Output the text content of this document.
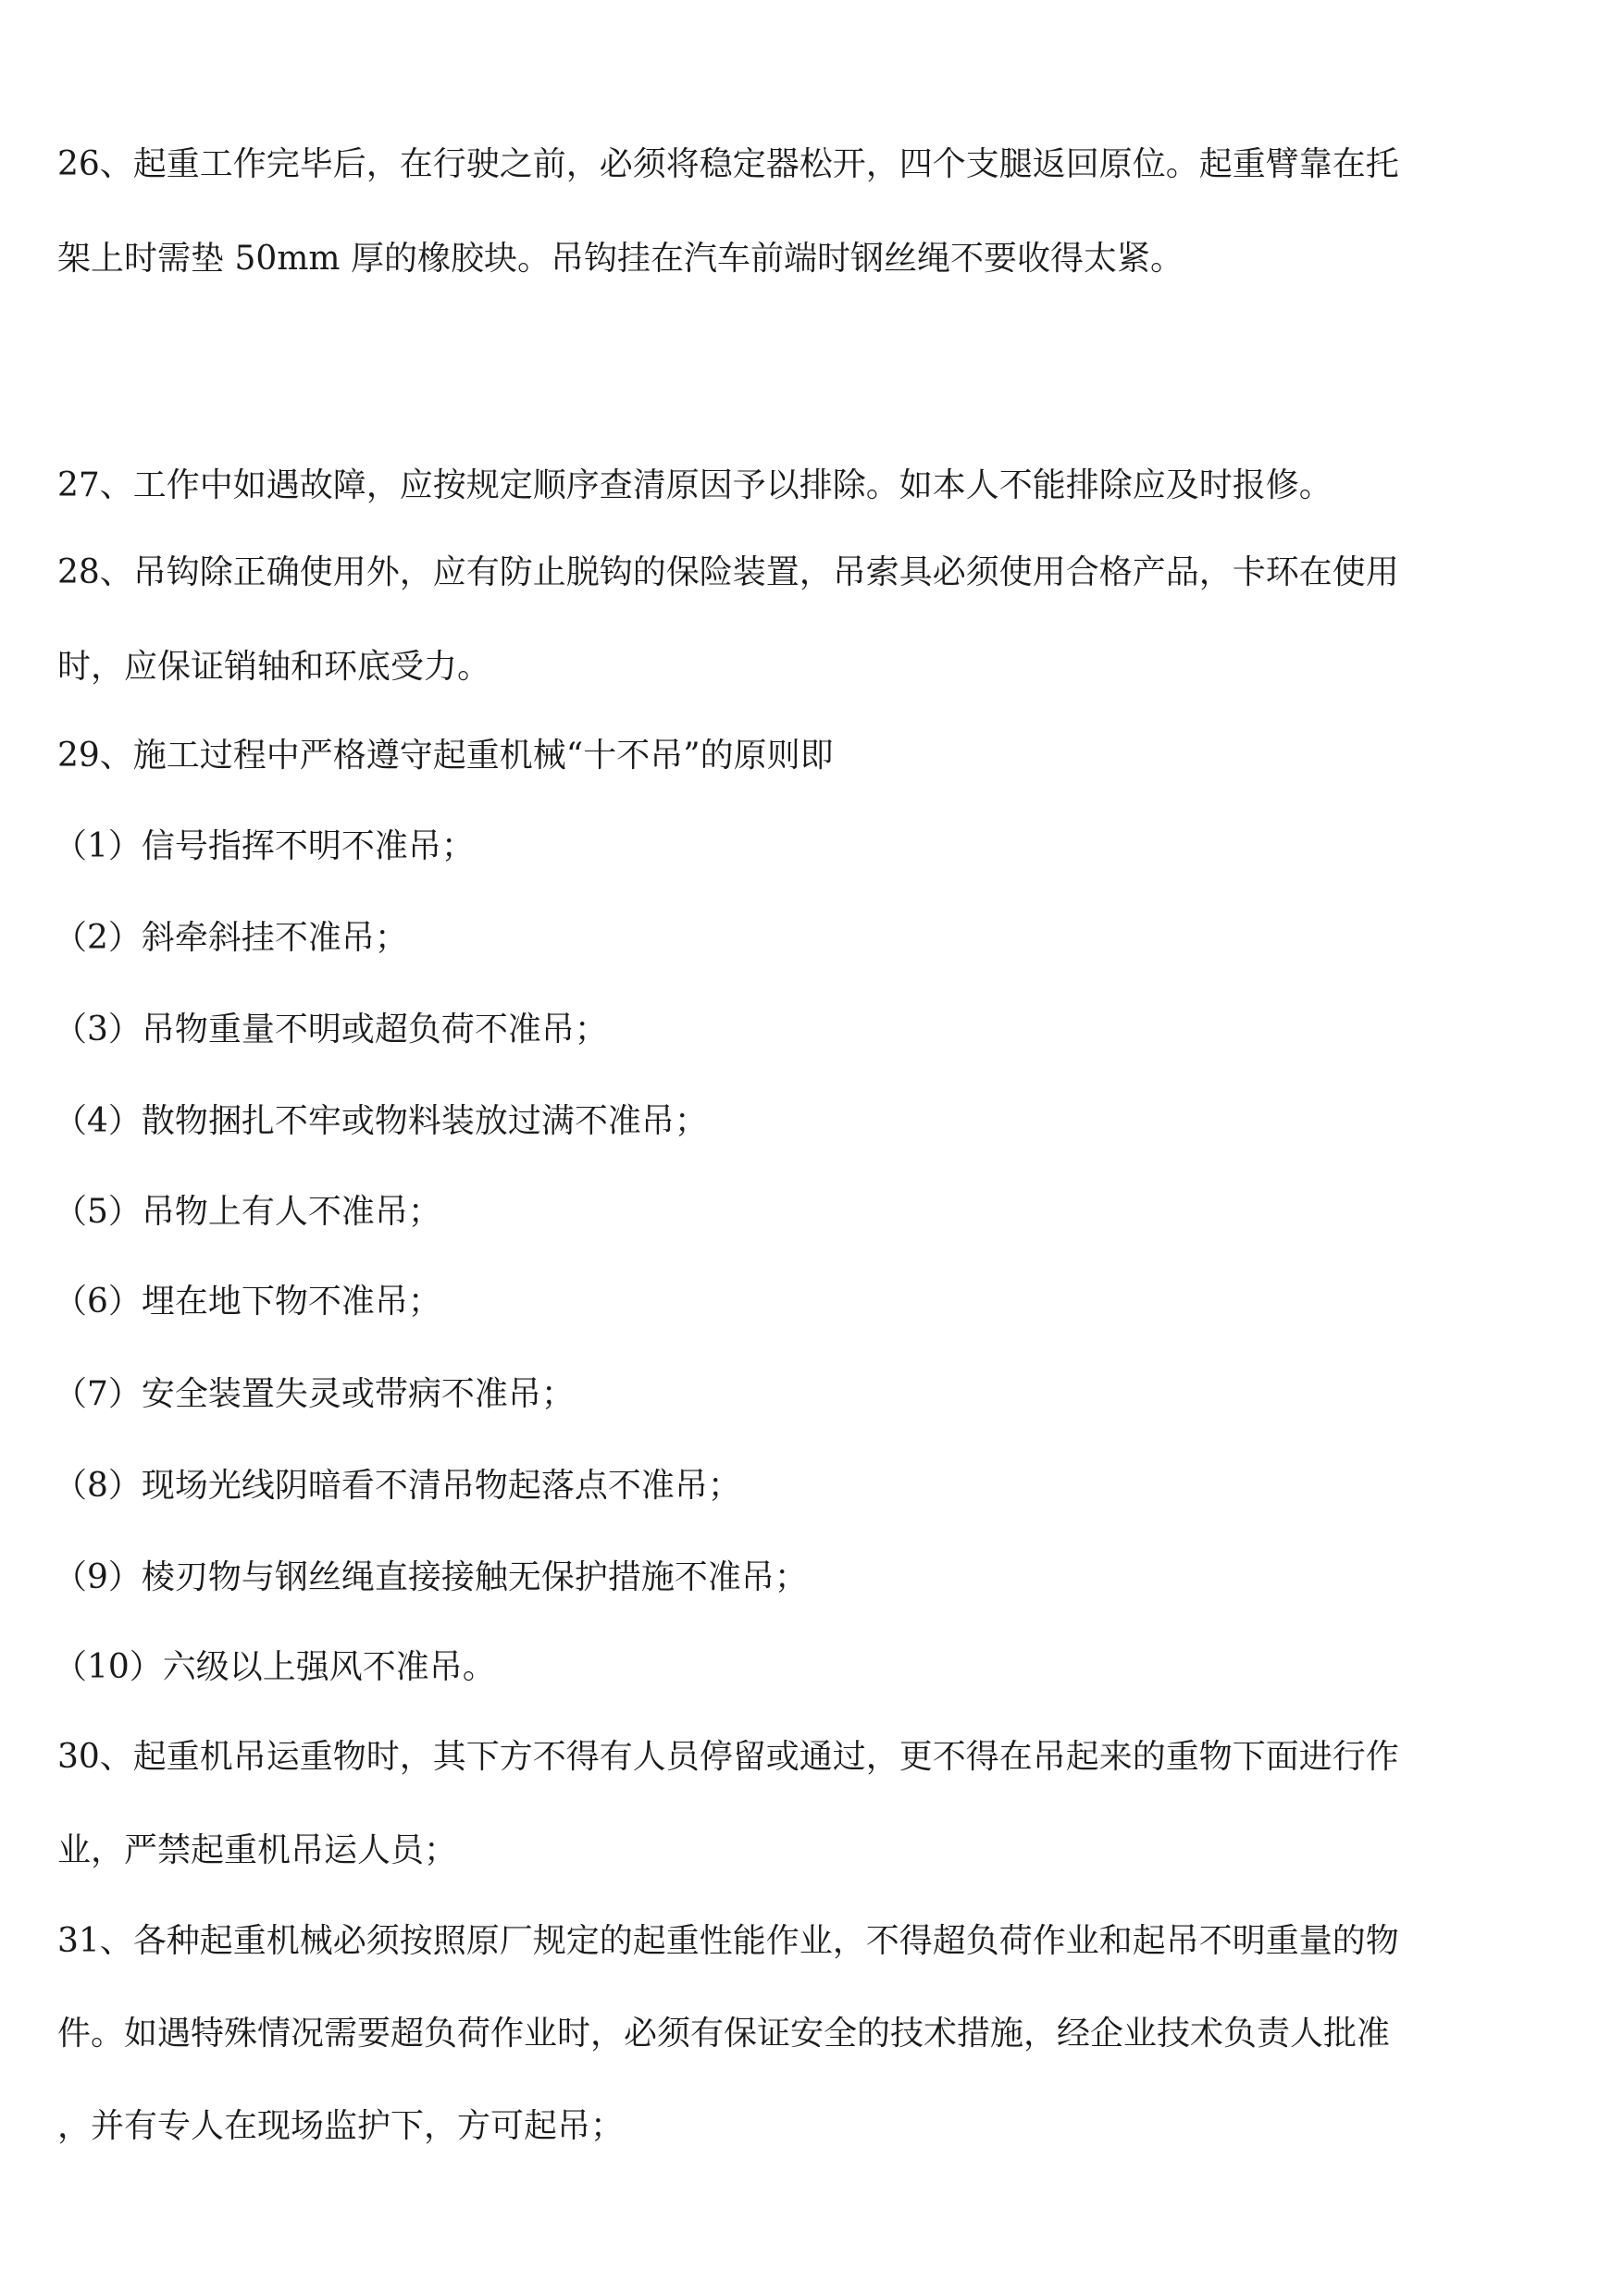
26、起重工作完毕后，在行驶之前，必须将稳定器松开，四个支腿返回原位。起重臂靠在托
架上时需垫 50mm 厚的橡胶块。吊钩挂在汽车前端时钢丝绳不要收得太紧。
27、工作中如遇故障，应按规定顺序查清原因予以排除。如本人不能排除应及时报修。
28、吊钩除正确使用外，应有防止脱钩的保险装置，吊索具必须使用合格产品，卡环在使用
时，应保证销轴和环底受力。
29、施工过程中严格遵守起重机械“十不吊”的原则即
（1）信号指挥不明不准吊；
（2）斜牵斜挂不准吊；
（3）吊物重量不明或超负荷不准吊；
（4）散物捆扎不牢或物料装放过满不准吊；
（5）吊物上有人不准吊；
（6）埋在地下物不准吊；
（7）安全装置失灵或带病不准吊；
（8）现场光线阴暗看不清吊物起落点不准吊；
（9）棱刃物与钢丝绳直接接触无保护措施不准吊；
（10）六级以上强风不准吊。
30、起重机吊运重物时，其下方不得有人员停留或通过，更不得在吊起来的重物下面进行作
业，严禁起重机吊运人员；
31、各种起重机械必须按照原厂规定的起重性能作业，不得超负荷作业和起吊不明重量的物
件。如遇特殊情况需要超负荷作业时，必须有保证安全的技术措施，经企业技术负责人批准
，并有专人在现场监护下，方可起吊；
